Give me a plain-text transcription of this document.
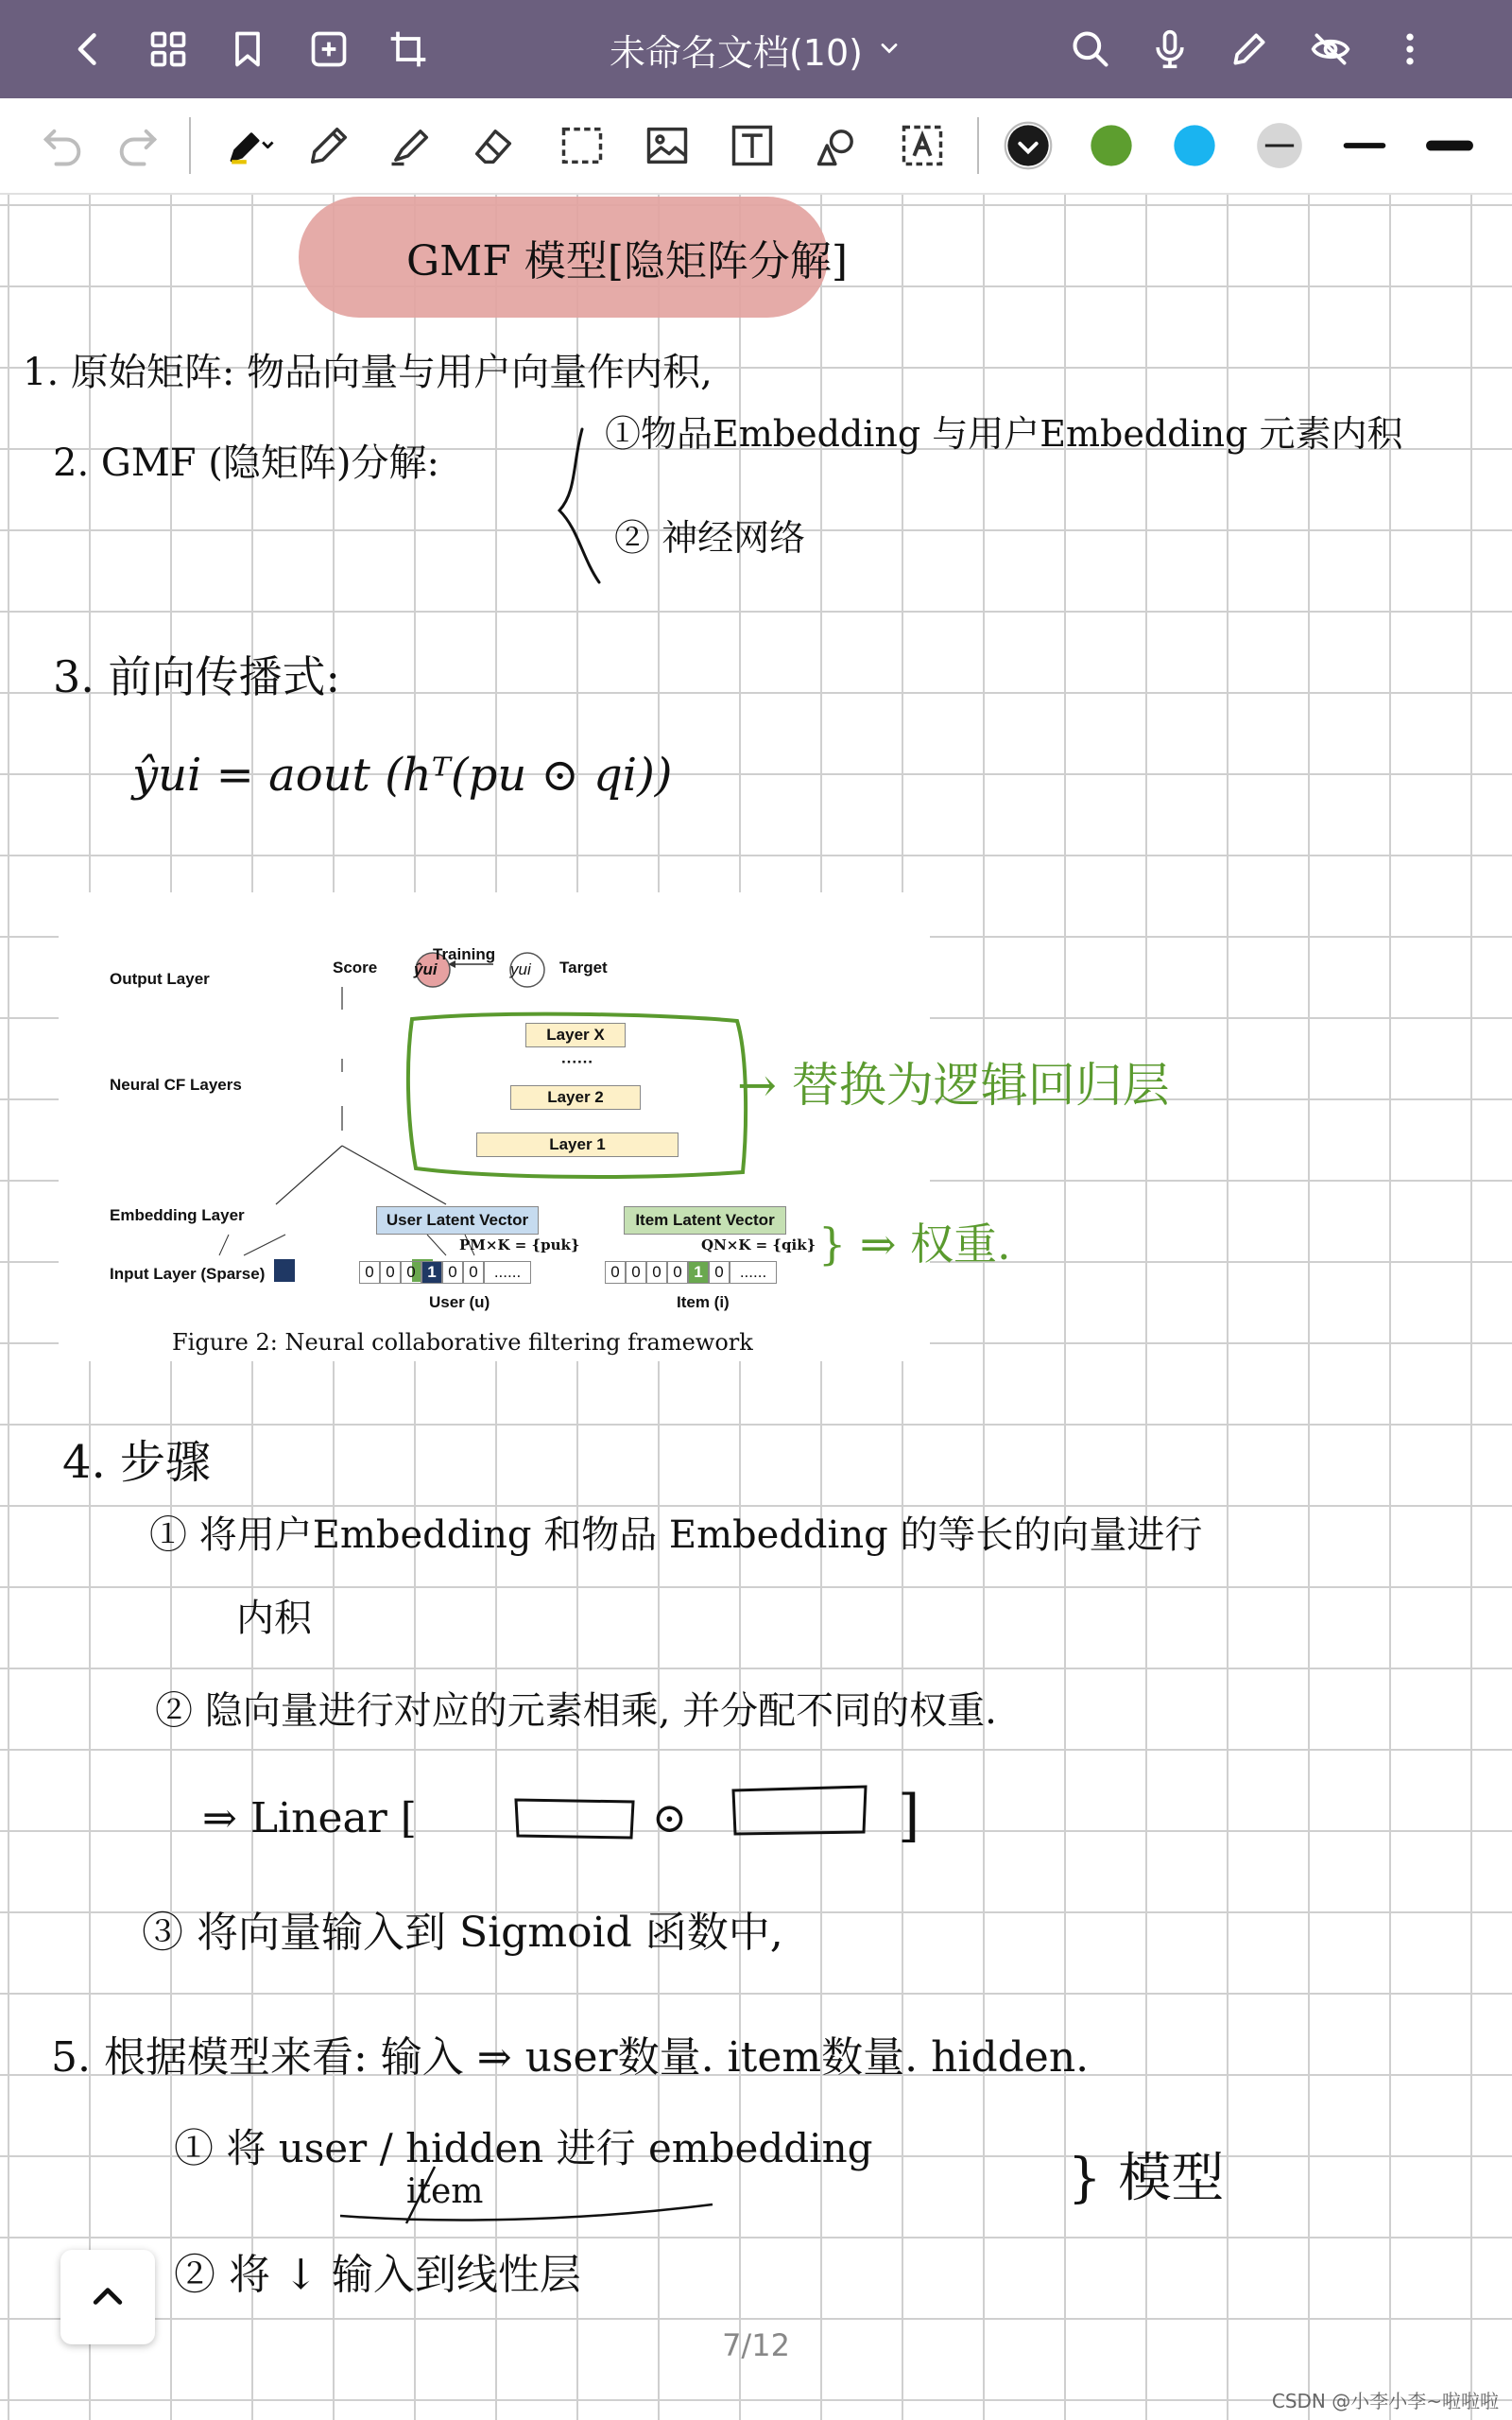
未命名文档(10)
GMF 模型[隐矩阵分解]
1. 原始矩阵: 物品向量与用户向量作内积,
2. GMF (隐矩阵)分解:
①物品Embedding 与用户Embedding 元素内积
② 神经网络
3. 前向传播式:
ŷui = aout (hᵀ(pu ⊙ qi))
Output Layer
Neural CF Layers
Embedding Layer
Input Layer (Sparse)
Score ŷui
Training
yui Target
Layer X
······
Layer 2
Layer 1
User Latent Vector	Item Latent Vector
PM×K = {puk}	QN×K = {qik}
0 0 0 1 0 0	......	0 0 0 0 1 0	......
User (u)	Item (i)
Figure 2: Neural collaborative filtering framework
→ 替换为逻辑回归层
} ⇒ 权重.
4. 步骤
① 将用户Embedding 和物品 Embedding 的等长的向量进行
内积
② 隐向量进行对应的元素相乘, 并分配不同的权重.
⇒ Linear [	⊙	]
③ 将向量输入到 Sigmoid 函数中,
5. 根据模型来看: 输入 ⇒ user数量. item数量. hidden.
① 将 user / hidden 进行 embedding
item
② 将 ↓ 输入到线性层
} 模型
7/12
CSDN @小李小李~啦啦啦
